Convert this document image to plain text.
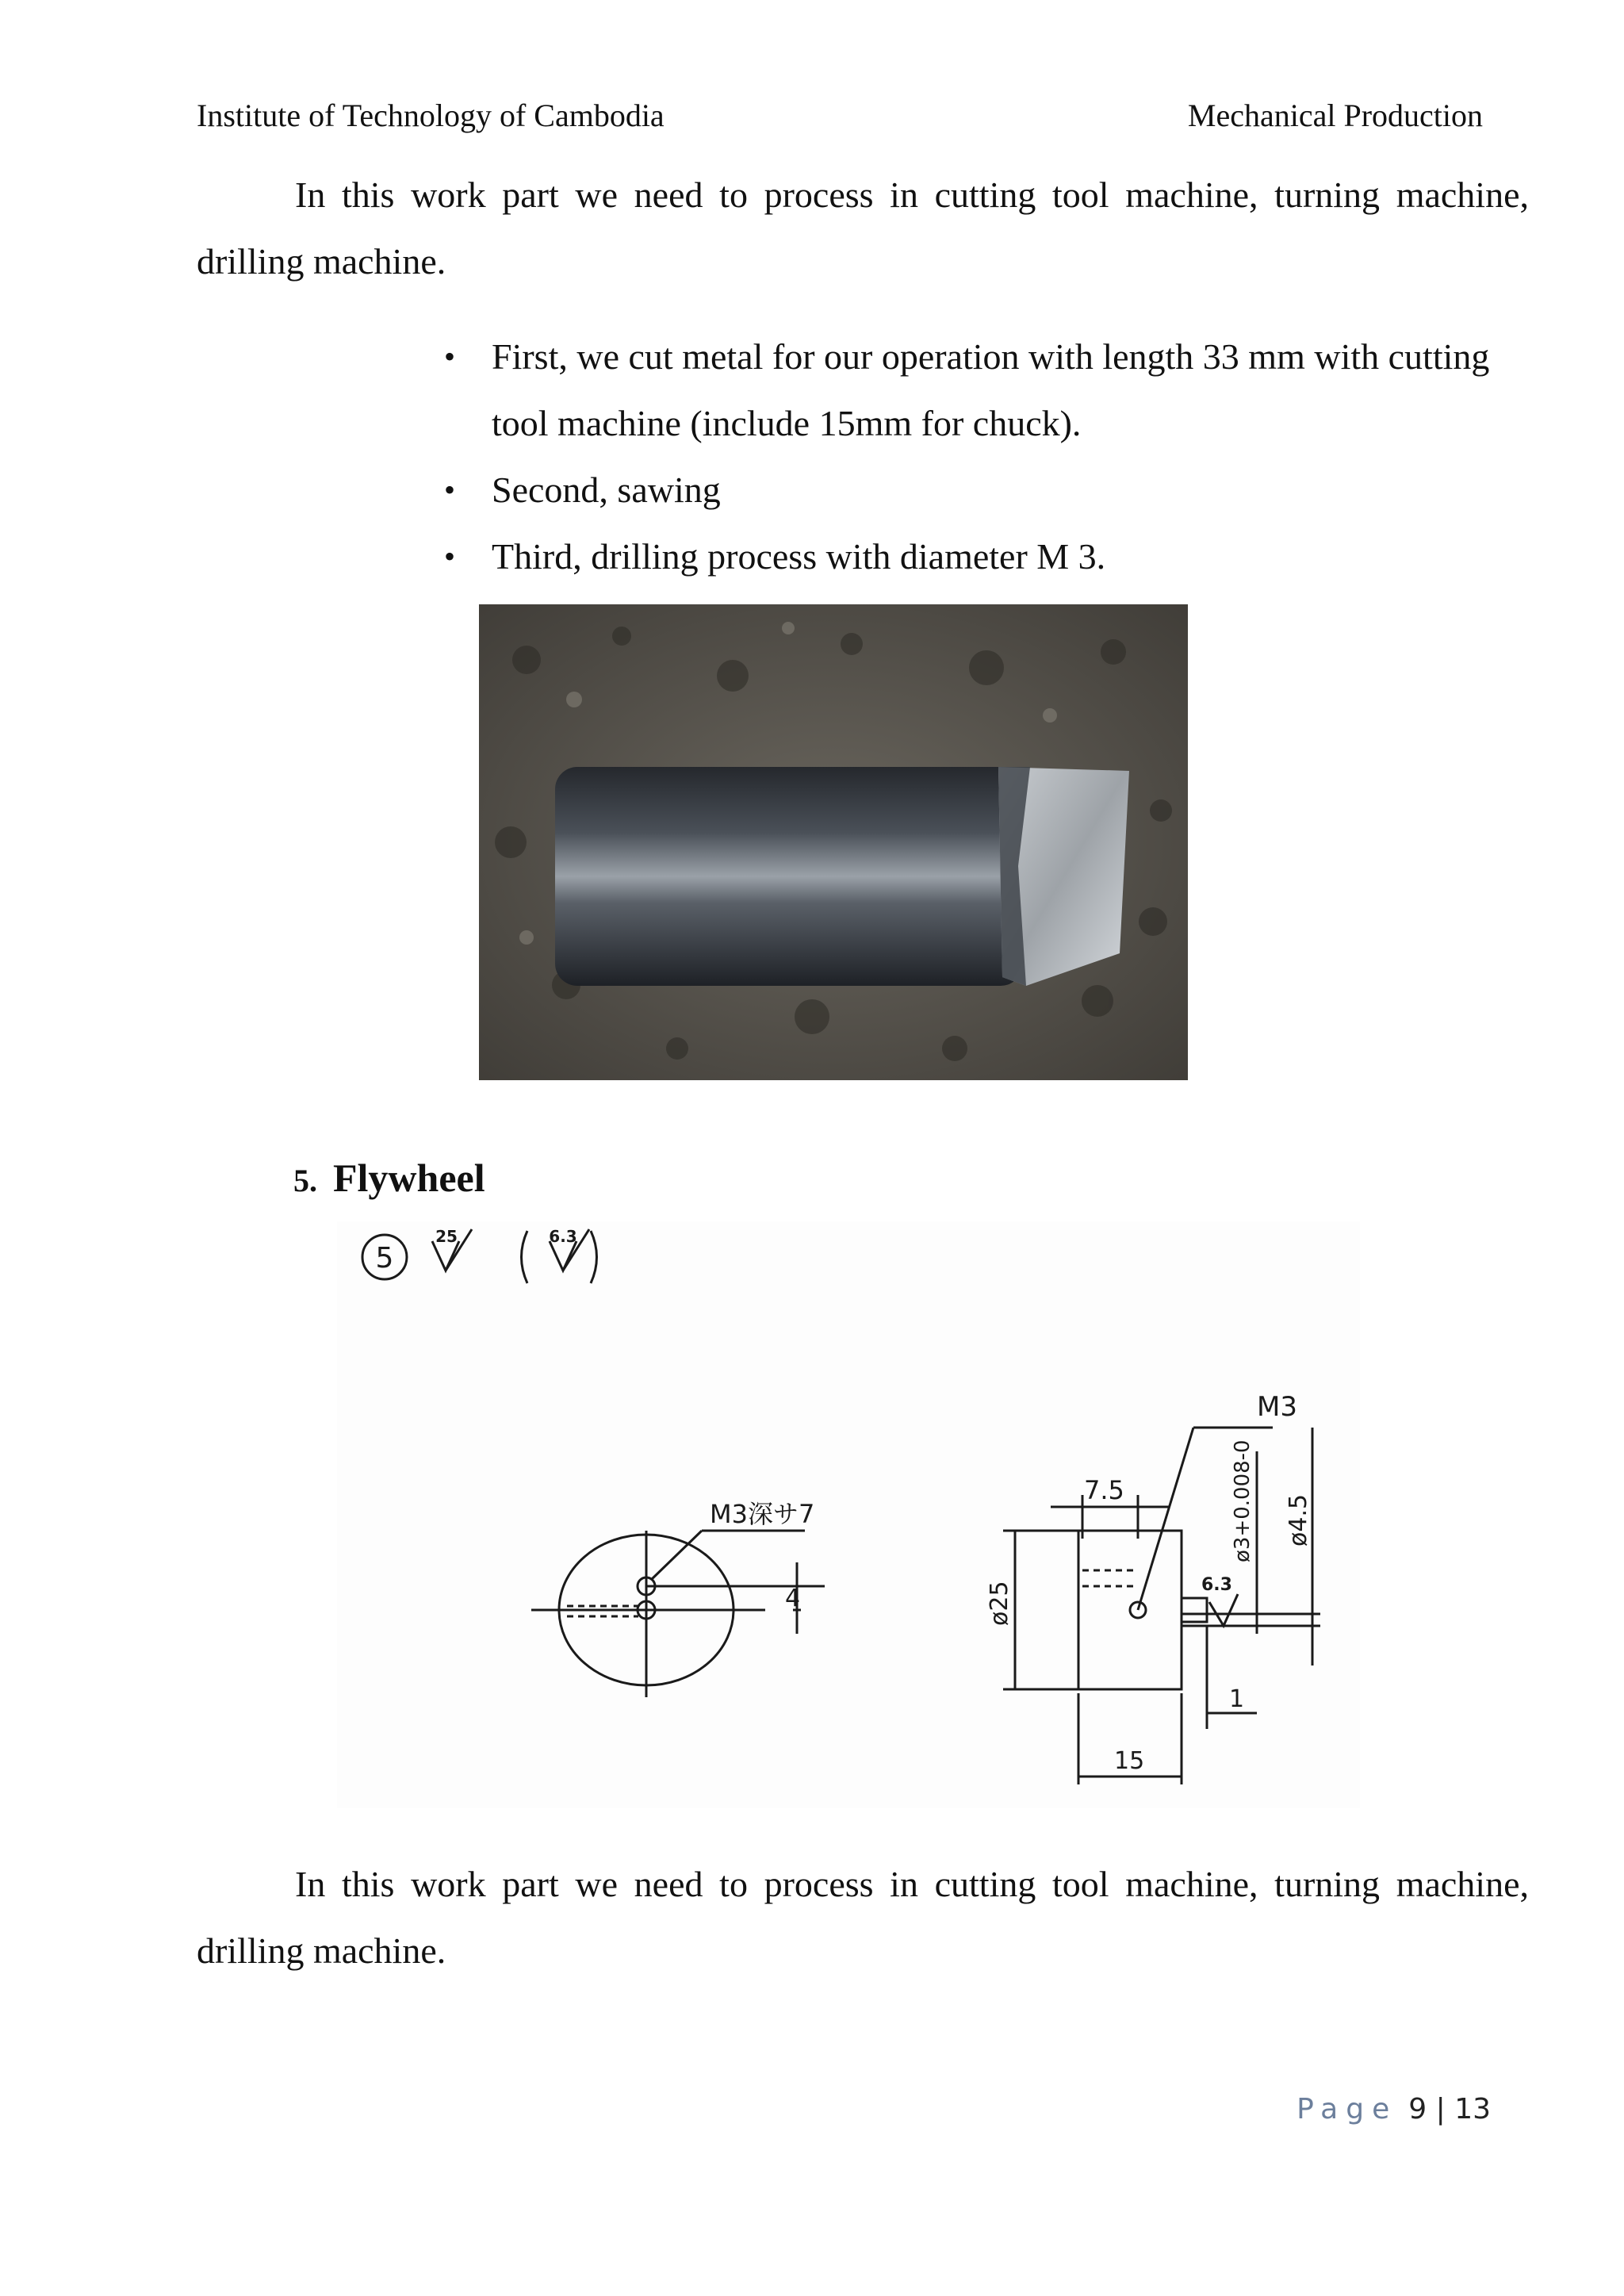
Institute of Technology of Cambodia	Mechanical Production

In this work part we need to process in cutting tool machine, turning machine, drilling machine.

• First, we cut metal for our operation with length 33 mm with cutting tool machine (include 15mm for chuck).
• Second, sawing
• Third, drilling process with diameter M 3.
5. Flywheel
5
25	6.3
M3深サ7
4
M3
7.5	ø3+0.008-0 ø4.5
ø25	6.3
1
15

In this work part we need to process in cutting tool machine, turning machine, drilling machine.

Page 9 | 13
